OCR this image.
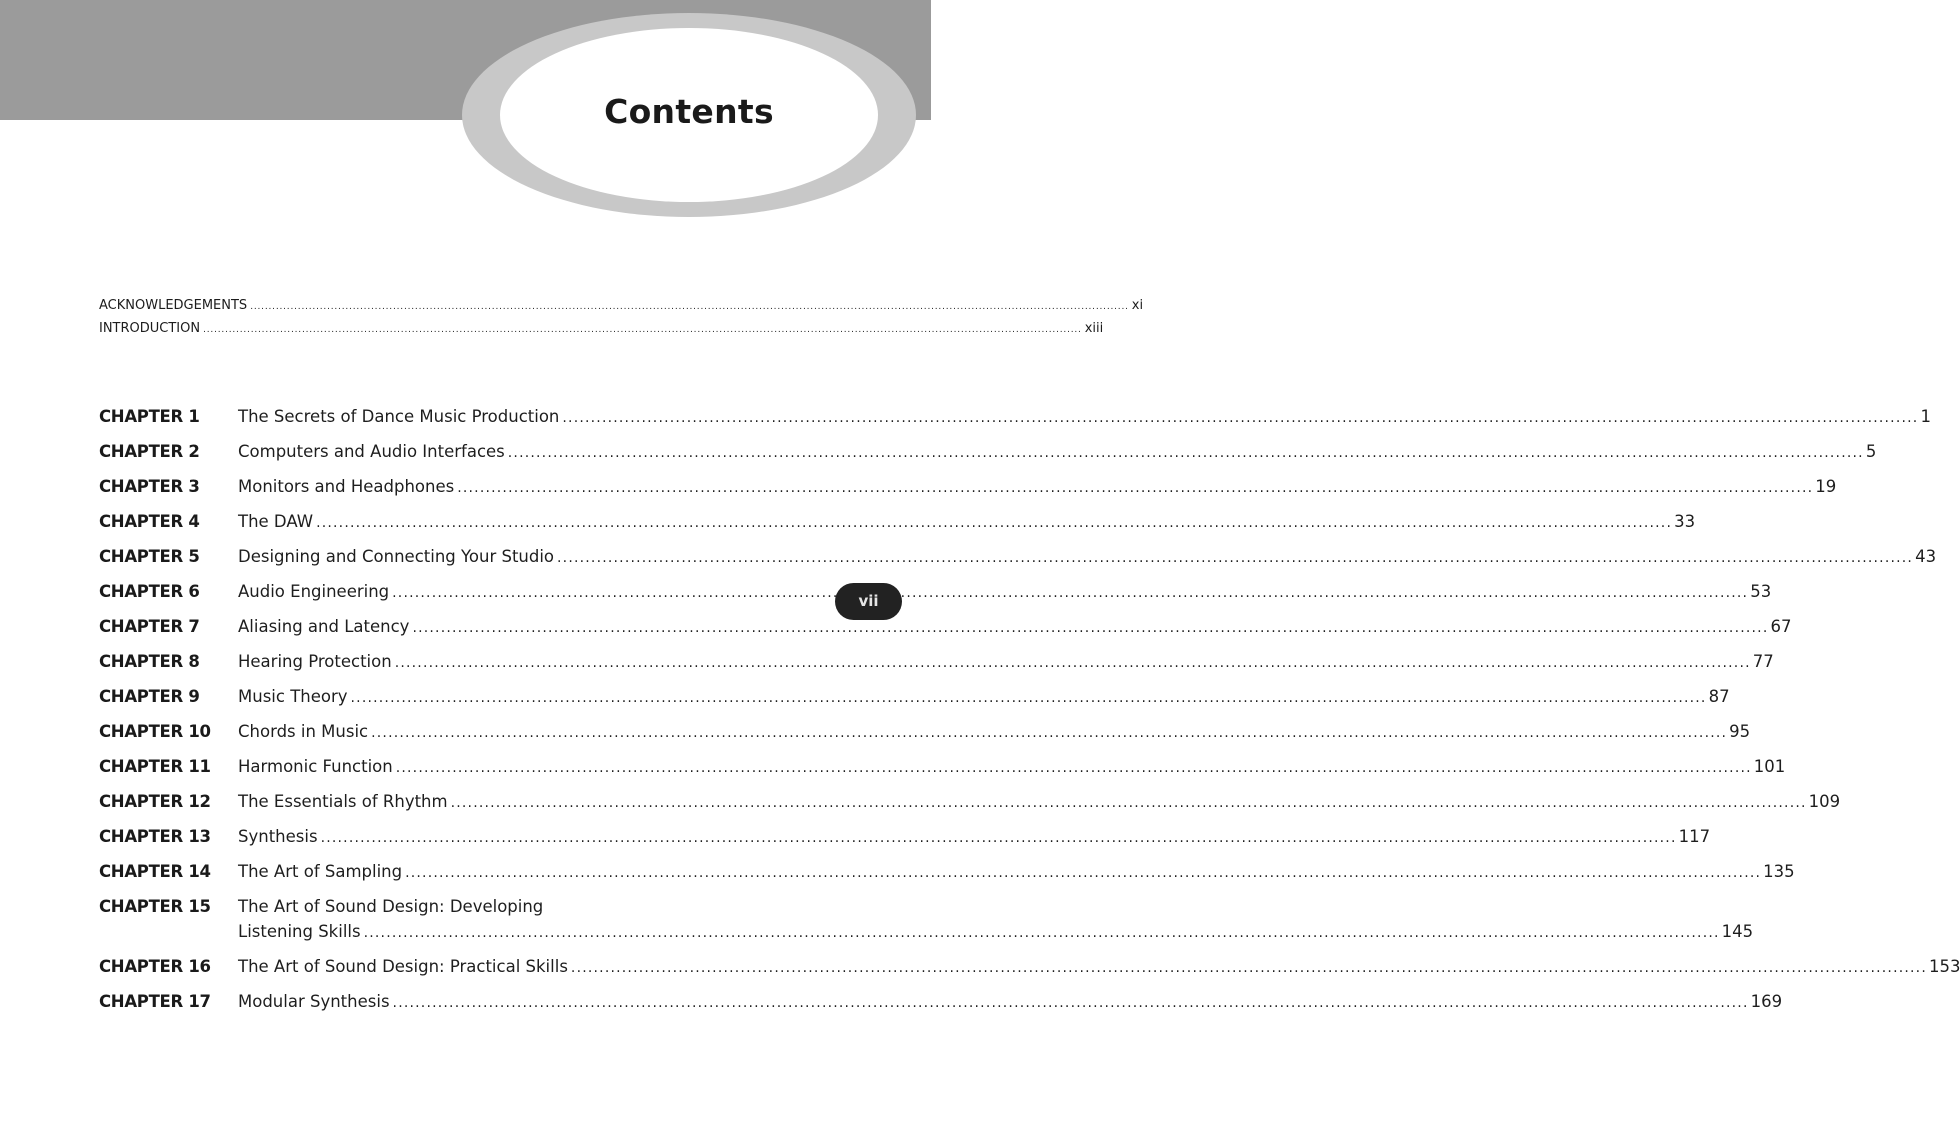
Contents
ACKNOWLEDGEMENTS .....	xi
INTRODUCTION .....	xiii
CHAPTER 1	The Secrets of Dance Music Production .....	1
CHAPTER 2	Computers and Audio Interfaces .....	5
CHAPTER 3	Monitors and Headphones .....	19
CHAPTER 4	The DAW .....	33
CHAPTER 5	Designing and Connecting Your Studio .....	43
CHAPTER 6	Audio Engineering .....	53
CHAPTER 7	Aliasing and Latency .....	67
CHAPTER 8	Hearing Protection .....	77
CHAPTER 9	Music Theory .....	87
CHAPTER 10	Chords in Music .....	95
CHAPTER 11	Harmonic Function .....	101
CHAPTER 12	The Essentials of Rhythm .....	109
CHAPTER 13	Synthesis .....	117
CHAPTER 14	The Art of Sampling .....	135
CHAPTER 15	The Art of Sound Design: Developing
Listening Skills .....	145
CHAPTER 16	The Art of Sound Design: Practical Skills .....	153
CHAPTER 17	Modular Synthesis .....	169
vii
